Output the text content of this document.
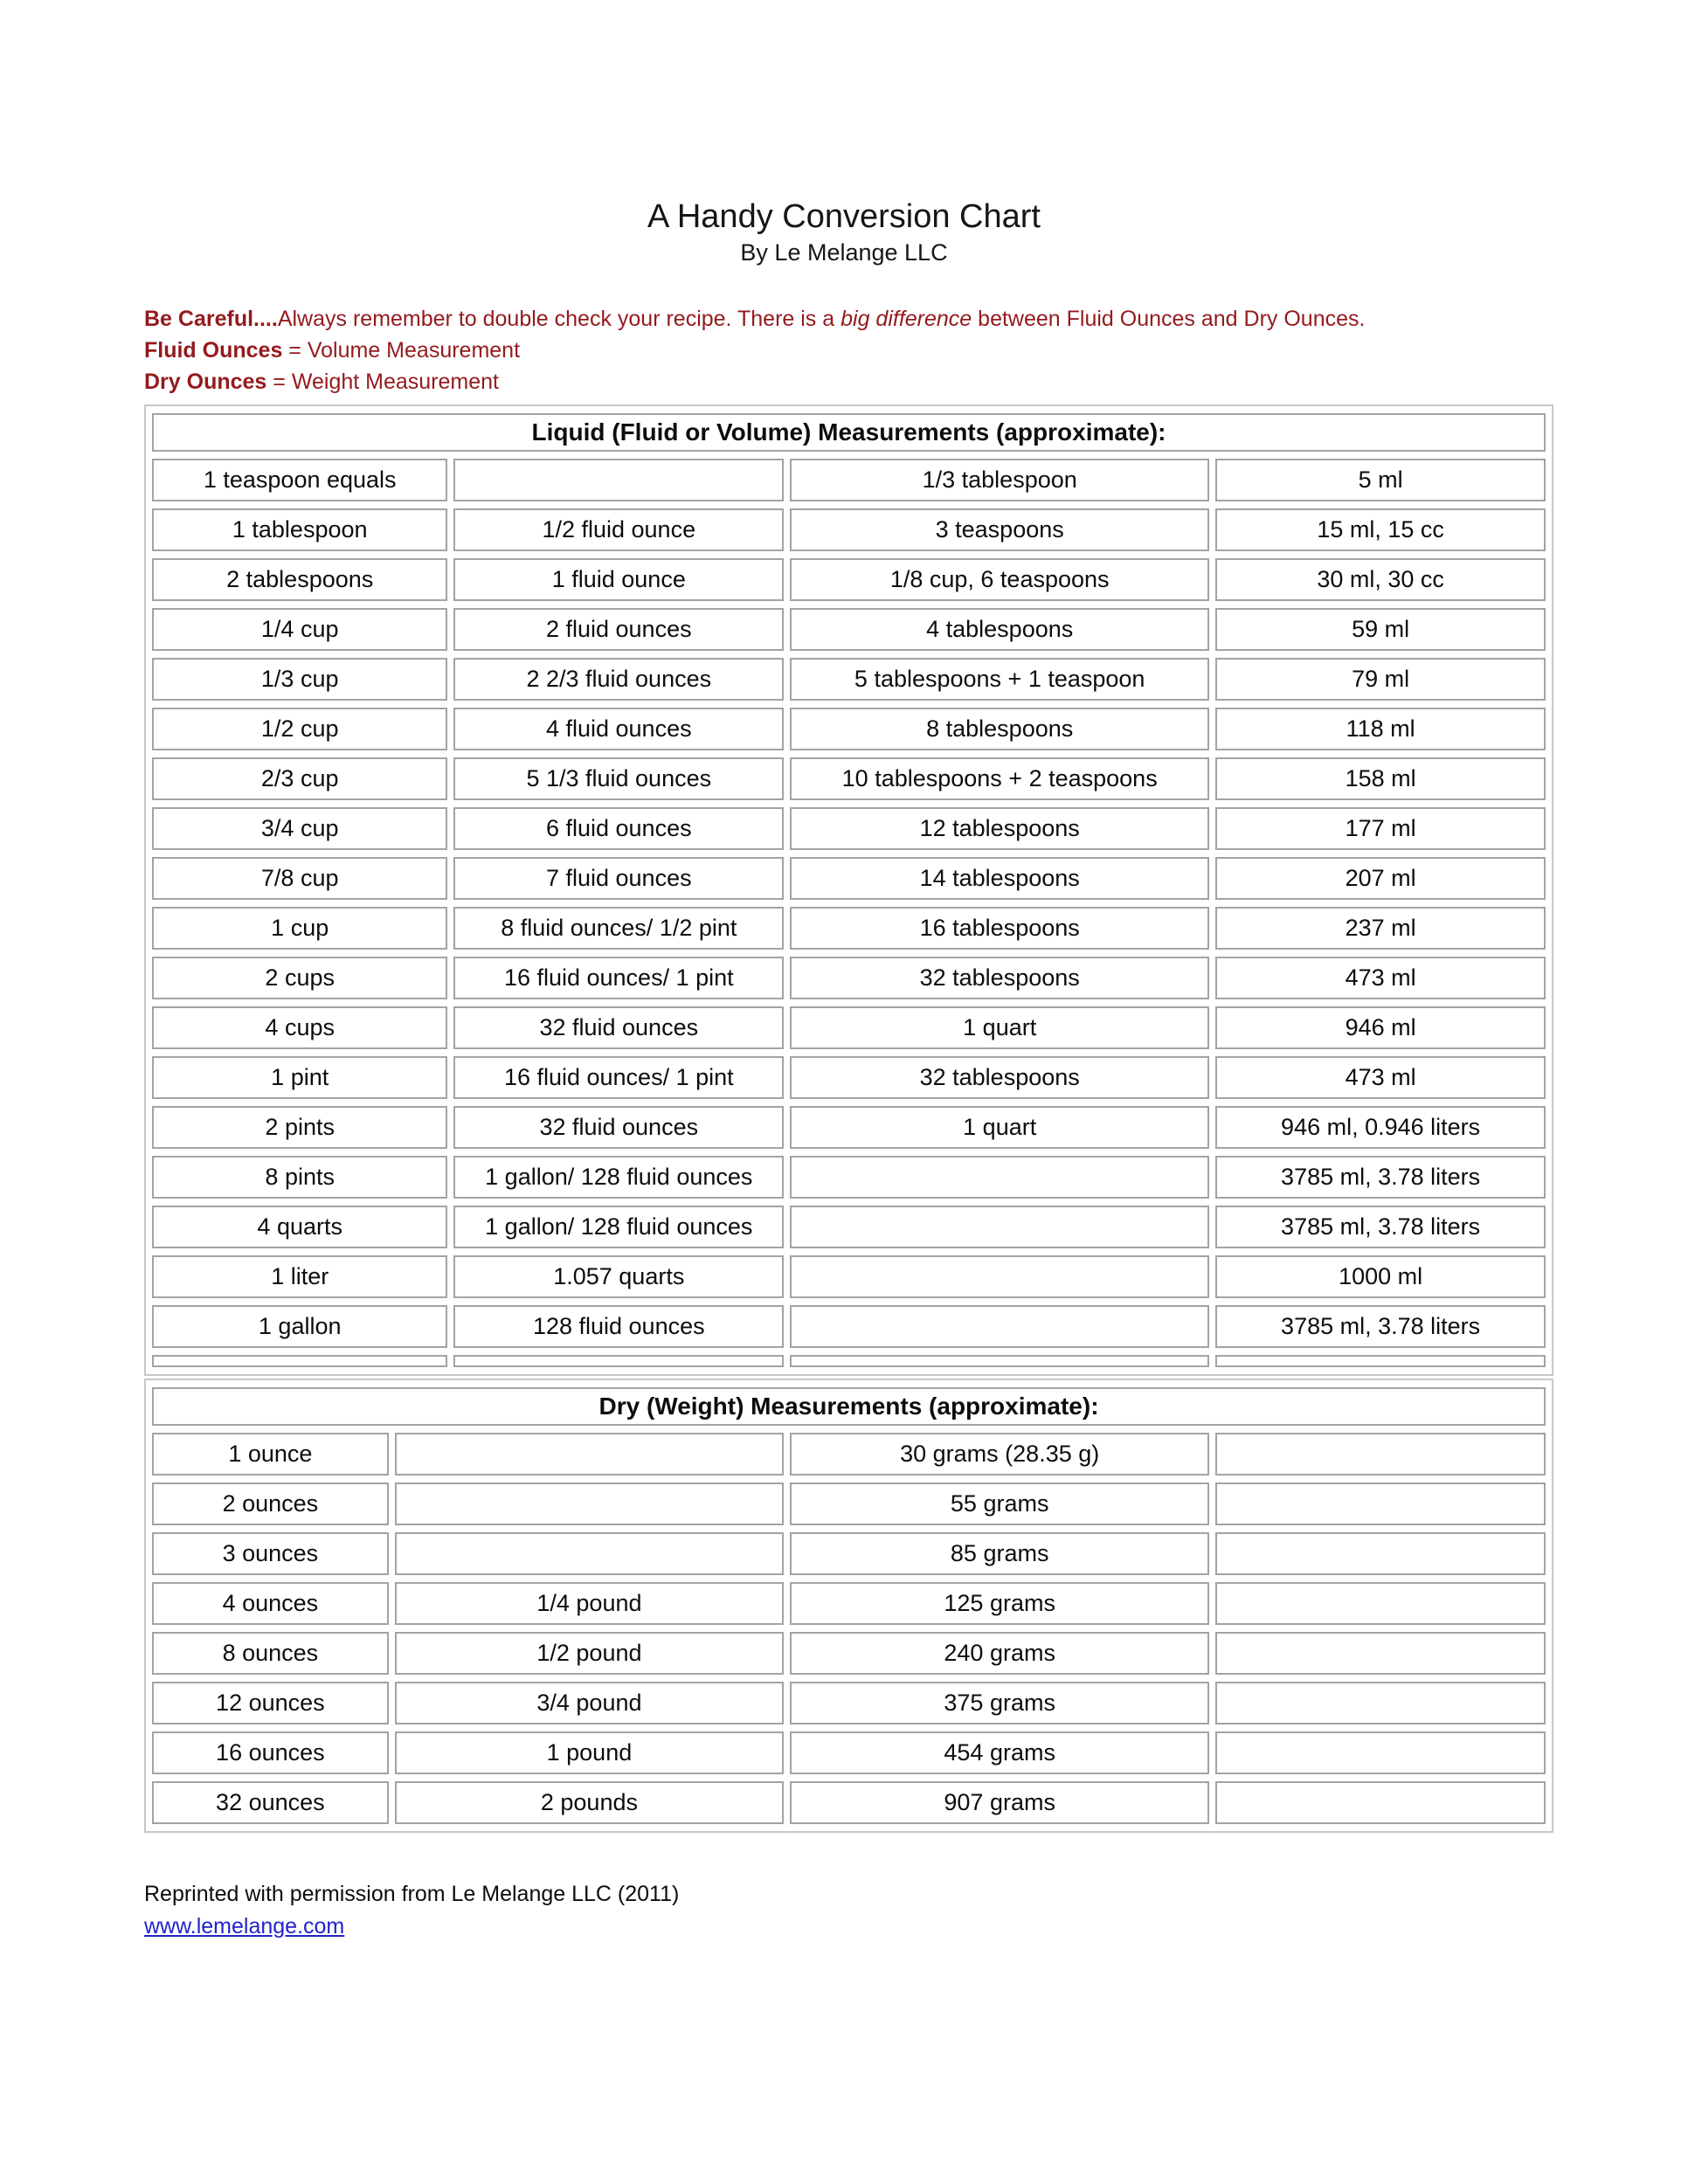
A Handy Conversion Chart
By Le Melange LLC
Be Careful....Always remember to double check your recipe. There is a big difference between Fluid Ounces and Dry Ounces.
Fluid Ounces = Volume Measurement
Dry Ounces = Weight Measurement
Liquid (Fluid or Volume) Measurements (approximate):			
1 teaspoon equals		1/3 tablespoon	5 ml
1 tablespoon	1/2 fluid ounce	3 teaspoons	15 ml, 15 cc
2 tablespoons	1 fluid ounce	1/8 cup, 6 teaspoons	30 ml, 30 cc
1/4 cup	2 fluid ounces	4 tablespoons	59 ml
1/3 cup	2 2/3 fluid ounces	5 tablespoons + 1 teaspoon	79 ml
1/2 cup	4 fluid ounces	8 tablespoons	118 ml
2/3 cup	5 1/3 fluid ounces	10 tablespoons + 2 teaspoons	158 ml
3/4 cup	6 fluid ounces	12 tablespoons	177 ml
7/8 cup	7 fluid ounces	14 tablespoons	207 ml
1 cup	8 fluid ounces/ 1/2 pint	16 tablespoons	237 ml
2 cups	16 fluid ounces/ 1 pint	32 tablespoons	473 ml
4 cups	32 fluid ounces	1 quart	946 ml
1 pint	16 fluid ounces/ 1 pint	32 tablespoons	473 ml
2 pints	32 fluid ounces	1 quart	946 ml, 0.946 liters
8 pints	1 gallon/ 128 fluid ounces		3785 ml, 3.78 liters
4 quarts	1 gallon/ 128 fluid ounces		3785 ml, 3.78 liters
1 liter	1.057 quarts		1000 ml
1 gallon	128 fluid ounces		3785 ml, 3.78 liters

Dry (Weight) Measurements (approximate):			
1 ounce		30 grams (28.35 g)	
2 ounces		55 grams	
3 ounces		85 grams	
4 ounces	1/4 pound	125 grams	
8 ounces	1/2 pound	240 grams	
12 ounces	3/4 pound	375 grams	
16 ounces	1 pound	454 grams	
32 ounces	2 pounds	907 grams	
Reprinted with permission from Le Melange LLC (2011)
www.lemelange.com
